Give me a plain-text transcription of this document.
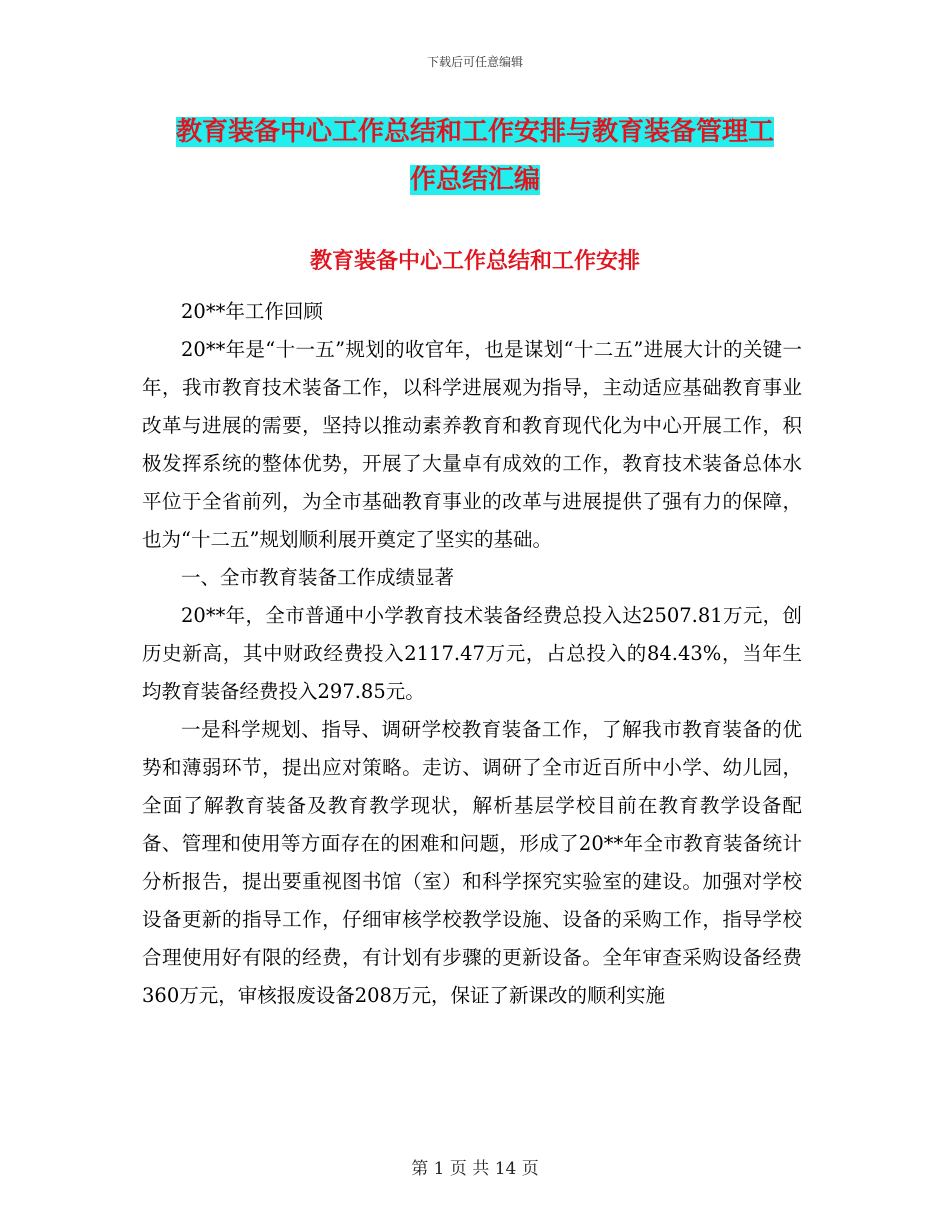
下载后可任意编辑
教育装备中心工作总结和工作安排与教育装备管理工
作总结汇编
教育装备中心工作总结和工作安排

20**年工作回顾

20**年是“十一五”规划的收官年，也是谋划“十二五”进展大计的关键一年，我市教育技术装备工作，以科学进展观为指导，主动适应基础教育事业改革与进展的需要，坚持以推动素养教育和教育现代化为中心开展工作，积极发挥系统的整体优势，开展了大量卓有成效的工作，教育技术装备总体水平位于全省前列，为全市基础教育事业的改革与进展提供了强有力的保障，也为“十二五”规划顺利展开奠定了坚实的基础。

一、全市教育装备工作成绩显著

20**年，全市普通中小学教育技术装备经费总投入达2507.81万元，创历史新高，其中财政经费投入2117.47万元，占总投入的84.43%，当年生均教育装备经费投入297.85元。

一是科学规划、指导、调研学校教育装备工作，了解我市教育装备的优势和薄弱环节，提出应对策略。走访、调研了全市近百所中小学、幼儿园，全面了解教育装备及教育教学现状，解析基层学校目前在教育教学设备配备、管理和使用等方面存在的困难和问题，形成了20**年全市教育装备统计分析报告，提出要重视图书馆（室）和科学探究实验室的建设。加强对学校设备更新的指导工作，仔细审核学校教学设施、设备的采购工作，指导学校合理使用好有限的经费，有计划有步骤的更新设备。全年审查采购设备经费360万元，审核报废设备208万元，保证了新课改的顺利实施

第 1 页 共 14 页
